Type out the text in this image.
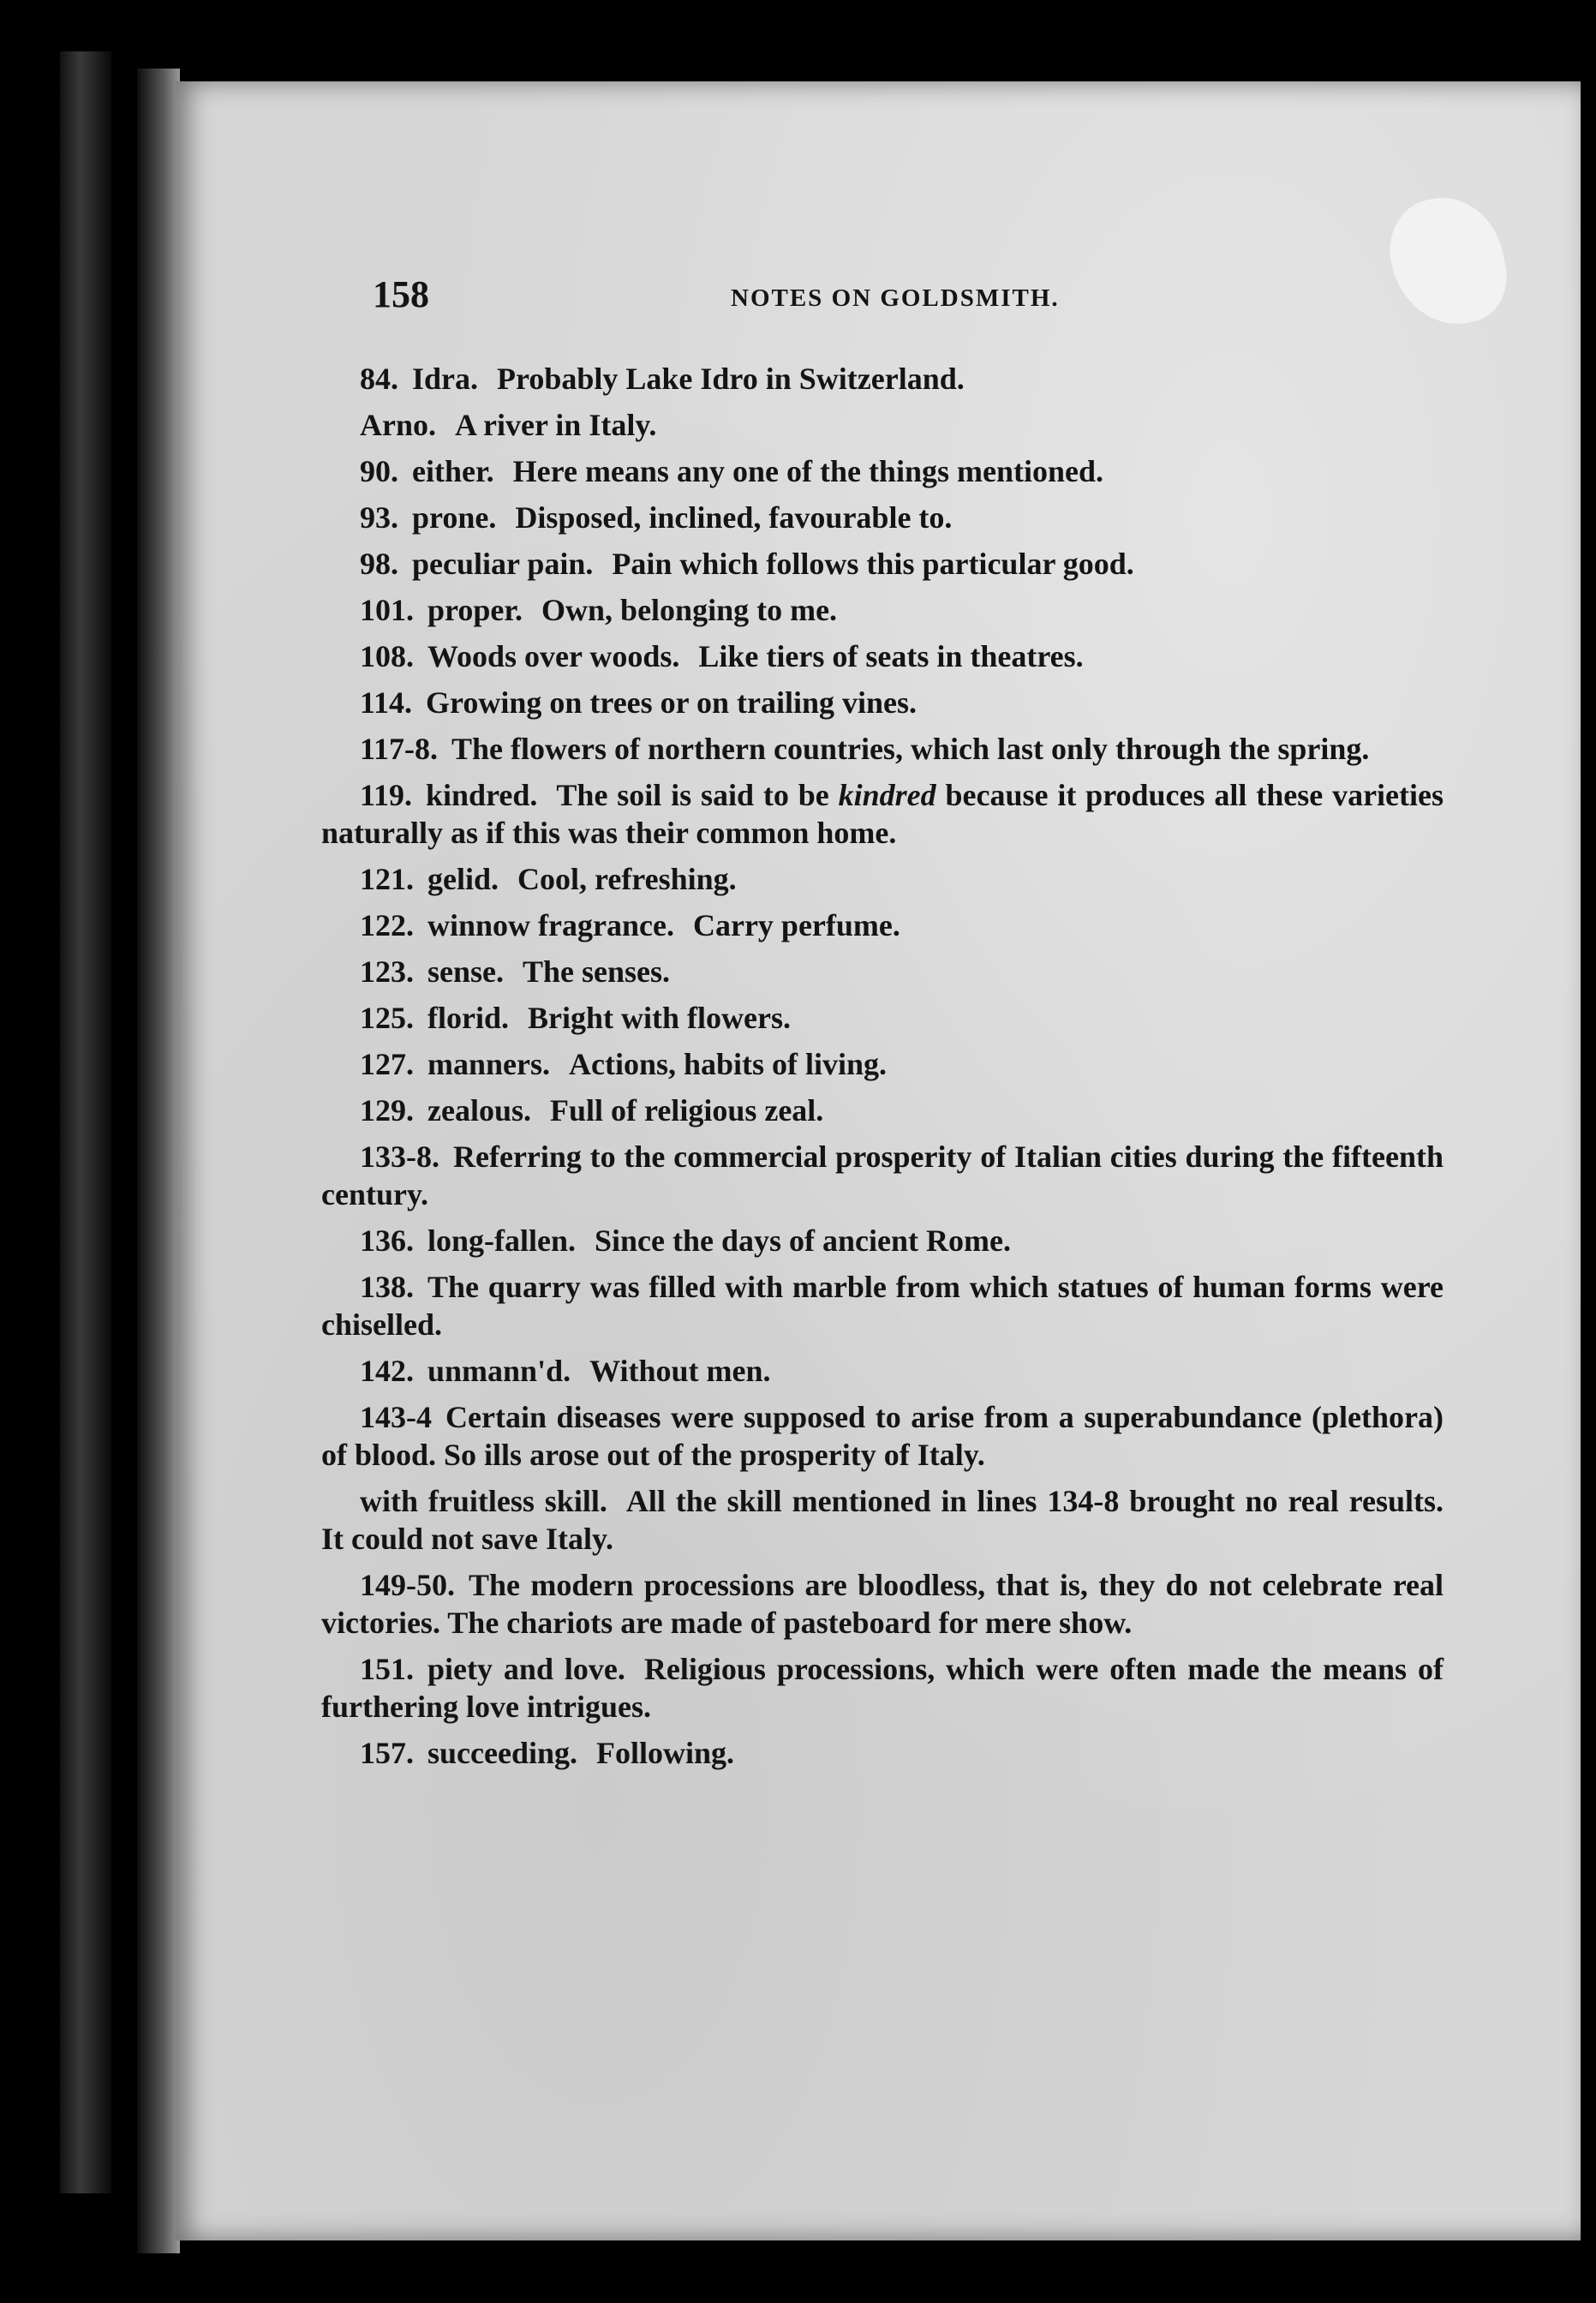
158	NOTES ON GOLDSMITH.

84. Idra. Probably Lake Idro in Switzerland.

Arno. A river in Italy.

90. either. Here means any one of the things mentioned.

93. prone. Disposed, inclined, favourable to.

98. peculiar pain. Pain which follows this particular good.

101. proper. Own, belonging to me.

108. Woods over woods. Like tiers of seats in theatres.

114. Growing on trees or on trailing vines.

117-8. The flowers of northern countries, which last only through the spring.

119. kindred. The soil is said to be kindred because it produces all these varieties naturally as if this was their common home.

121. gelid. Cool, refreshing.

122. winnow fragrance. Carry perfume.

123. sense. The senses.

125. florid. Bright with flowers.

127. manners. Actions, habits of living.

129. zealous. Full of religious zeal.

133-8. Referring to the commercial prosperity of Italian cities during the fifteenth century.

136. long-fallen. Since the days of ancient Rome.

138. The quarry was filled with marble from which statues of human forms were chiselled.

142. unmann'd. Without men.

143-4 Certain diseases were supposed to arise from a superabundance (plethora) of blood. So ills arose out of the prosperity of Italy.

with fruitless skill. All the skill mentioned in lines 134-8 brought no real results. It could not save Italy.

149-50. The modern processions are bloodless, that is, they do not celebrate real victories. The chariots are made of pasteboard for mere show.

151. piety and love. Religious processions, which were often made the means of furthering love intrigues.

157. succeeding. Following.
